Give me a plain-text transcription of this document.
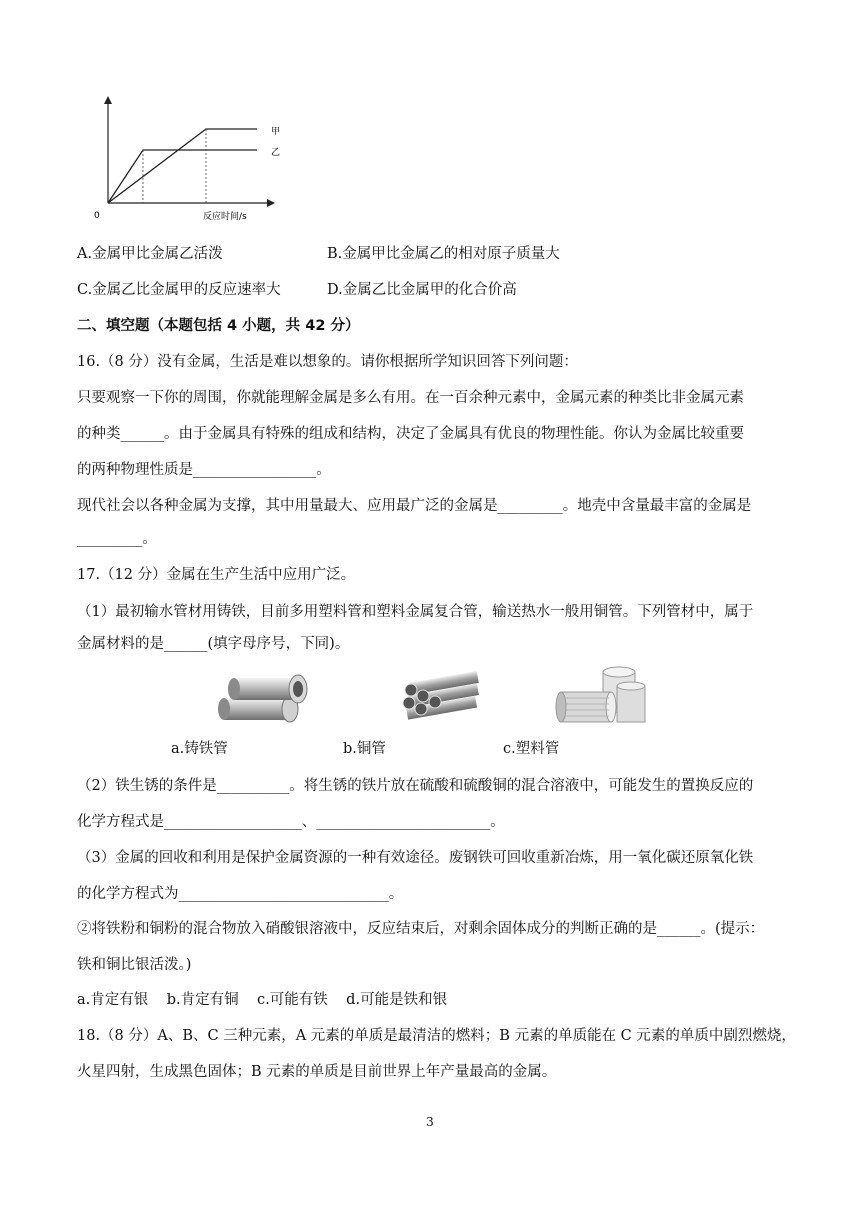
0	反应时间/s
甲
乙
A.金属甲比金属乙活泼	B.金属甲比金属乙的相对原子质量大
C.金属乙比金属甲的反应速率大	D.金属乙比金属甲的化合价高
二、填空题（本题包括 4 小题，共 42 分）
16.（8 分）没有金属，生活是难以想象的。请你根据所学知识回答下列问题：
只要观察一下你的周围，你就能理解金属是多么有用。在一百余种元素中，金属元素的种类比非金属元素
的种类______。由于金属具有特殊的组成和结构，决定了金属具有优良的物理性能。你认为金属比较重要
的两种物理性质是_________________。
现代社会以各种金属为支撑，其中用量最大、应用最广泛的金属是_________。地壳中含量最丰富的金属是
_________。
17.（12 分）金属在生产生活中应用广泛。
（1）最初输水管材用铸铁，目前多用塑料管和塑料金属复合管，输送热水一般用铜管。下列管材中，属于
金属材料的是______(填字母序号，下同)。
a.铸铁管	b.铜管	c.塑料管
（2）铁生锈的条件是__________。将生锈的铁片放在硫酸和硫酸铜的混合溶液中，可能发生的置换反应的
化学方程式是___________________、________________________。
（3）金属的回收和利用是保护金属资源的一种有效途径。废钢铁可回收重新冶炼，用一氧化碳还原氧化铁
的化学方程式为_____________________________。
②将铁粉和铜粉的混合物放入硝酸银溶液中，反应结束后，对剩余固体成分的判断正确的是______。(提示：
铁和铜比银活泼。)
a.肯定有银    b.肯定有铜    c.可能有铁    d.可能是铁和银
18.（8 分）A、B、C 三种元素，A 元素的单质是最清洁的燃料；B 元素的单质能在 C 元素的单质中剧烈燃烧，
火星四射，生成黑色固体；B 元素的单质是目前世界上年产量最高的金属。
3
